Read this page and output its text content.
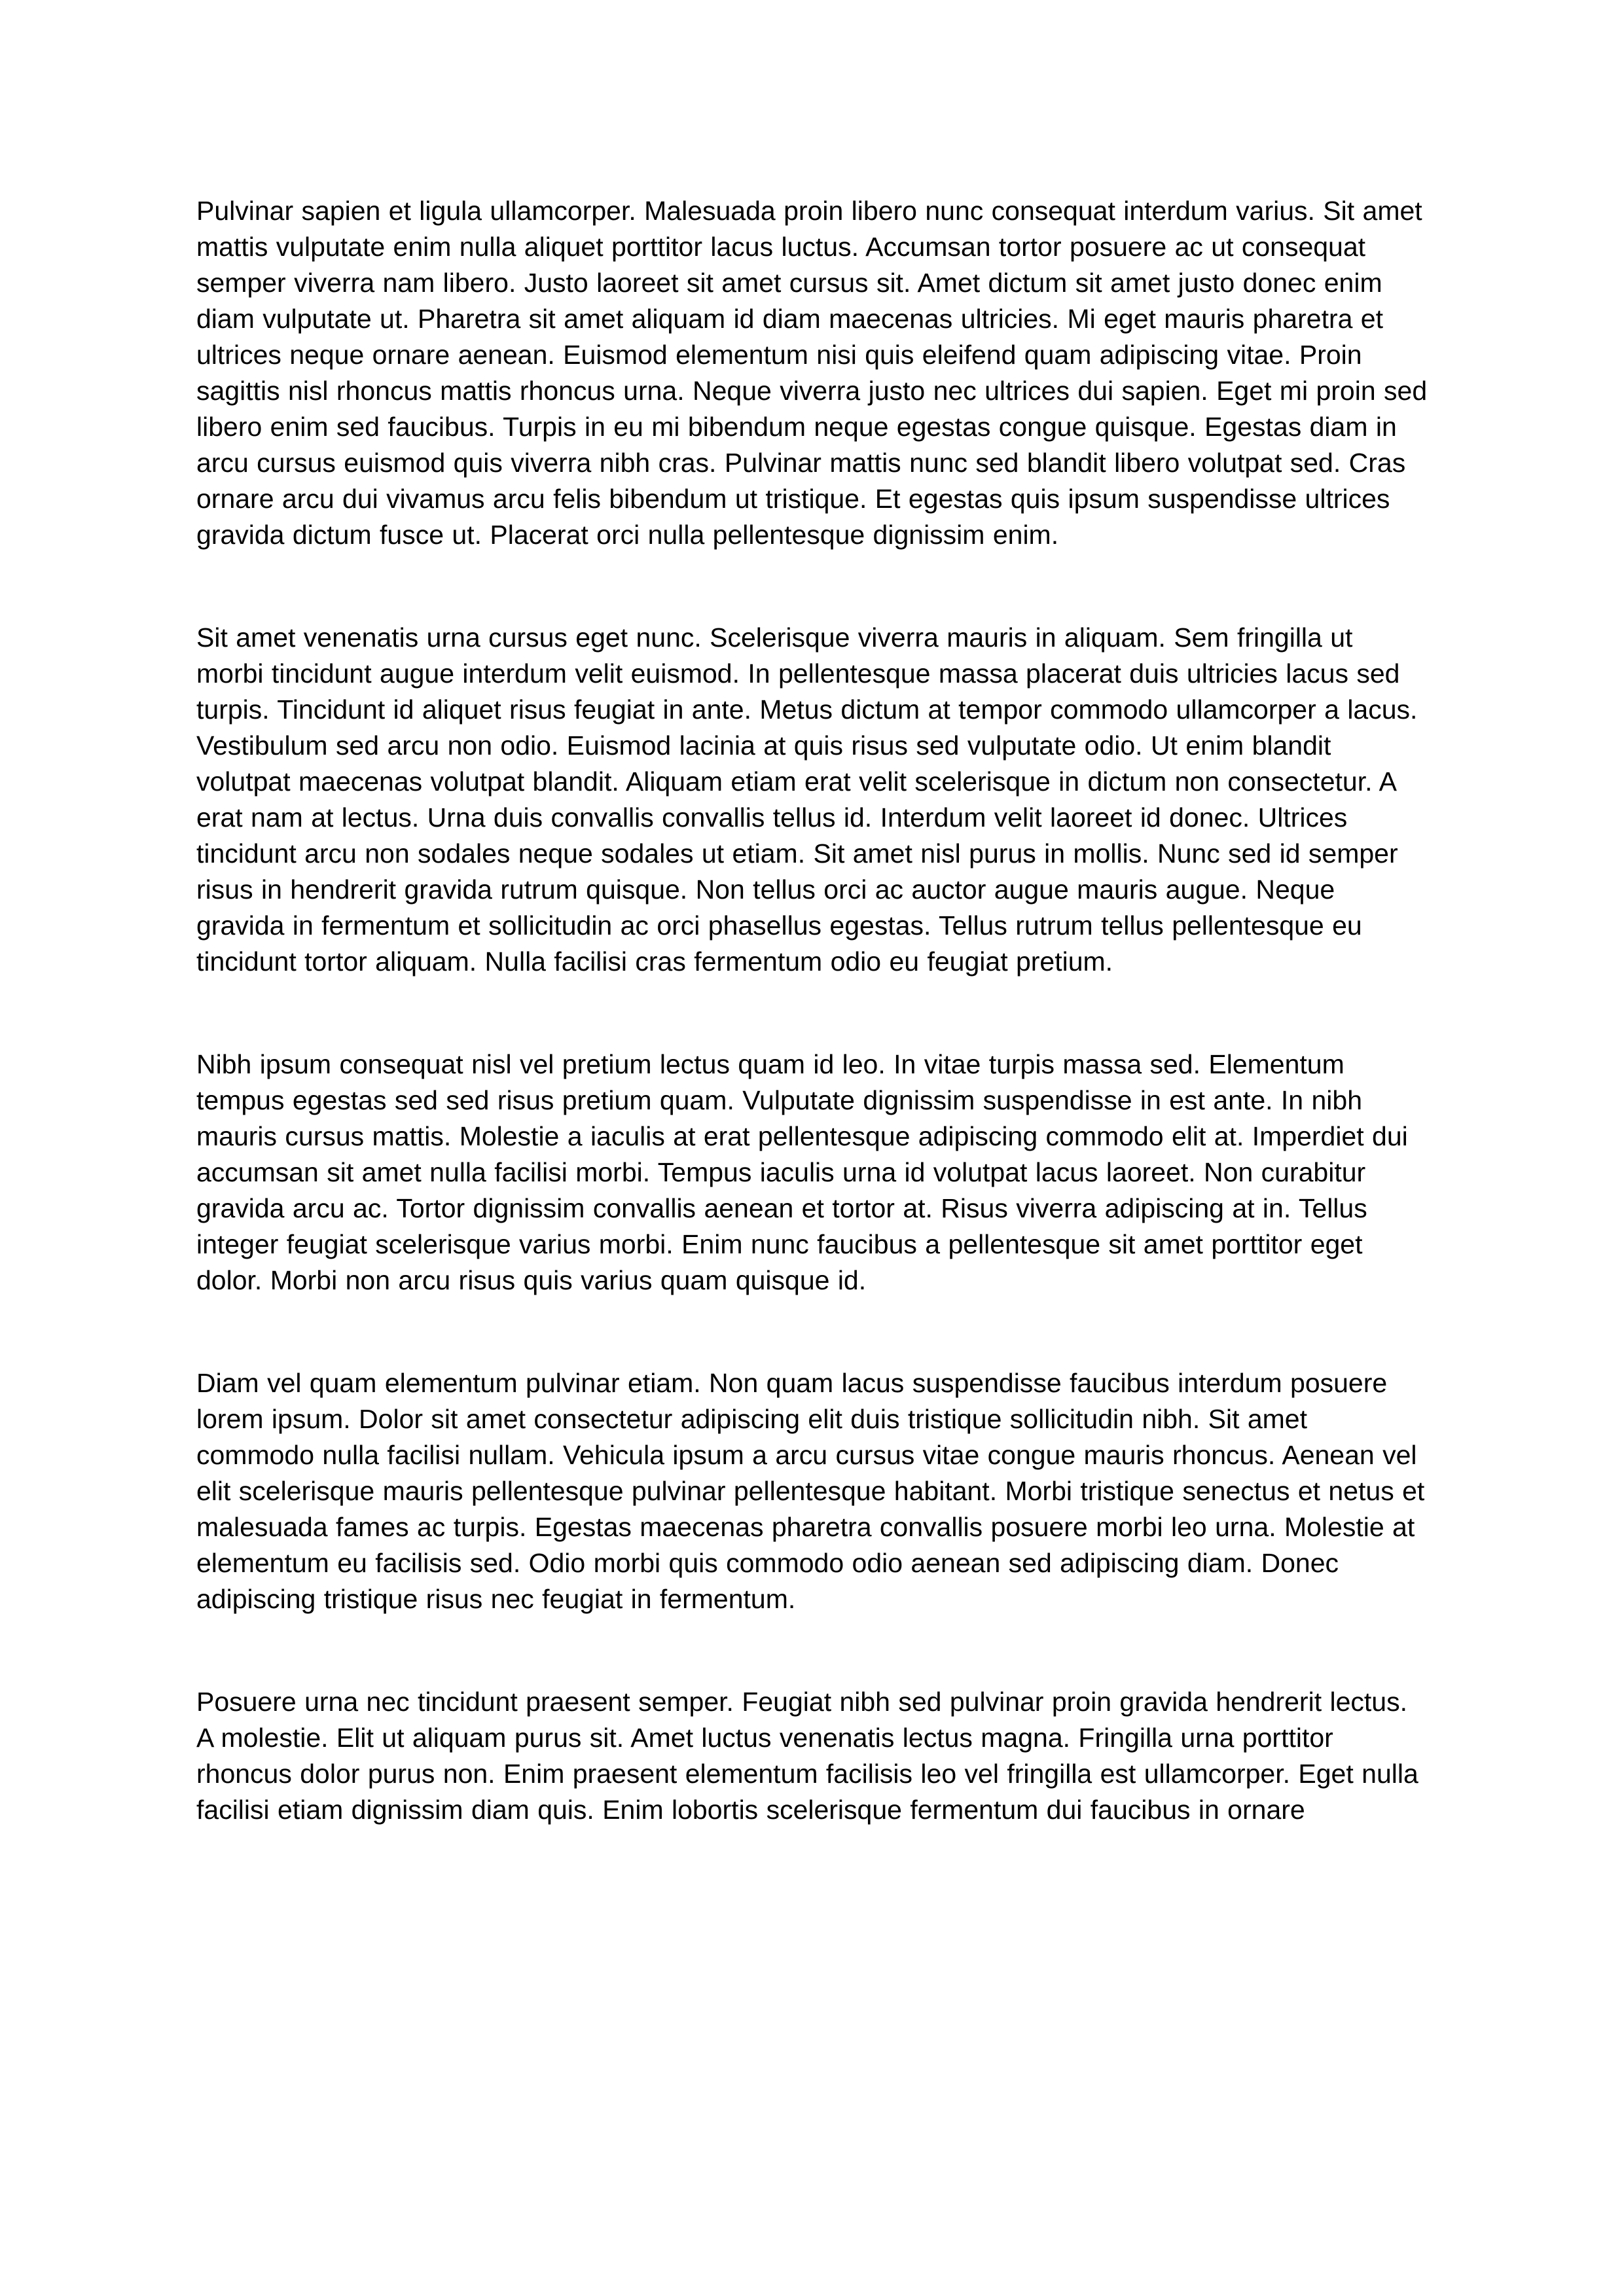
Pulvinar sapien et ligula ullamcorper. Malesuada proin libero nunc consequat interdum varius. Sit amet mattis vulputate enim nulla aliquet porttitor lacus luctus. Accumsan tortor posuere ac ut consequat semper viverra nam libero. Justo laoreet sit amet cursus sit. Amet dictum sit amet justo donec enim diam vulputate ut. Pharetra sit amet aliquam id diam maecenas ultricies. Mi eget mauris pharetra et ultrices neque ornare aenean. Euismod elementum nisi quis eleifend quam adipiscing vitae. Proin sagittis nisl rhoncus mattis rhoncus urna. Neque viverra justo nec ultrices dui sapien. Eget mi proin sed libero enim sed faucibus. Turpis in eu mi bibendum neque egestas congue quisque. Egestas diam in arcu cursus euismod quis viverra nibh cras. Pulvinar mattis nunc sed blandit libero volutpat sed. Cras ornare arcu dui vivamus arcu felis bibendum ut tristique. Et egestas quis ipsum suspendisse ultrices gravida dictum fusce ut. Placerat orci nulla pellentesque dignissim enim.

Sit amet venenatis urna cursus eget nunc. Scelerisque viverra mauris in aliquam. Sem fringilla ut morbi tincidunt augue interdum velit euismod. In pellentesque massa placerat duis ultricies lacus sed turpis. Tincidunt id aliquet risus feugiat in ante. Metus dictum at tempor commodo ullamcorper a lacus. Vestibulum sed arcu non odio. Euismod lacinia at quis risus sed vulputate odio. Ut enim blandit volutpat maecenas volutpat blandit. Aliquam etiam erat velit scelerisque in dictum non consectetur. A erat nam at lectus. Urna duis convallis convallis tellus id. Interdum velit laoreet id donec. Ultrices tincidunt arcu non sodales neque sodales ut etiam. Sit amet nisl purus in mollis. Nunc sed id semper risus in hendrerit gravida rutrum quisque. Non tellus orci ac auctor augue mauris augue. Neque gravida in fermentum et sollicitudin ac orci phasellus egestas. Tellus rutrum tellus pellentesque eu tincidunt tortor aliquam. Nulla facilisi cras fermentum odio eu feugiat pretium.

Nibh ipsum consequat nisl vel pretium lectus quam id leo. In vitae turpis massa sed. Elementum tempus egestas sed sed risus pretium quam. Vulputate dignissim suspendisse in est ante. In nibh mauris cursus mattis. Molestie a iaculis at erat pellentesque adipiscing commodo elit at. Imperdiet dui accumsan sit amet nulla facilisi morbi. Tempus iaculis urna id volutpat lacus laoreet. Non curabitur gravida arcu ac. Tortor dignissim convallis aenean et tortor at. Risus viverra adipiscing at in. Tellus integer feugiat scelerisque varius morbi. Enim nunc faucibus a pellentesque sit amet porttitor eget dolor. Morbi non arcu risus quis varius quam quisque id.

Diam vel quam elementum pulvinar etiam. Non quam lacus suspendisse faucibus interdum posuere lorem ipsum. Dolor sit amet consectetur adipiscing elit duis tristique sollicitudin nibh. Sit amet commodo nulla facilisi nullam. Vehicula ipsum a arcu cursus vitae congue mauris rhoncus. Aenean vel elit scelerisque mauris pellentesque pulvinar pellentesque habitant. Morbi tristique senectus et netus et malesuada fames ac turpis. Egestas maecenas pharetra convallis posuere morbi leo urna. Molestie at elementum eu facilisis sed. Odio morbi quis commodo odio aenean sed adipiscing diam. Donec adipiscing tristique risus nec feugiat in fermentum.

Posuere urna nec tincidunt praesent semper. Feugiat nibh sed pulvinar proin gravida hendrerit lectus. A molestie. Elit ut aliquam purus sit. Amet luctus venenatis lectus magna. Fringilla urna porttitor rhoncus dolor purus non. Enim praesent elementum facilisis leo vel fringilla est ullamcorper. Eget nulla facilisi etiam dignissim diam quis. Enim lobortis scelerisque fermentum dui faucibus in ornare
